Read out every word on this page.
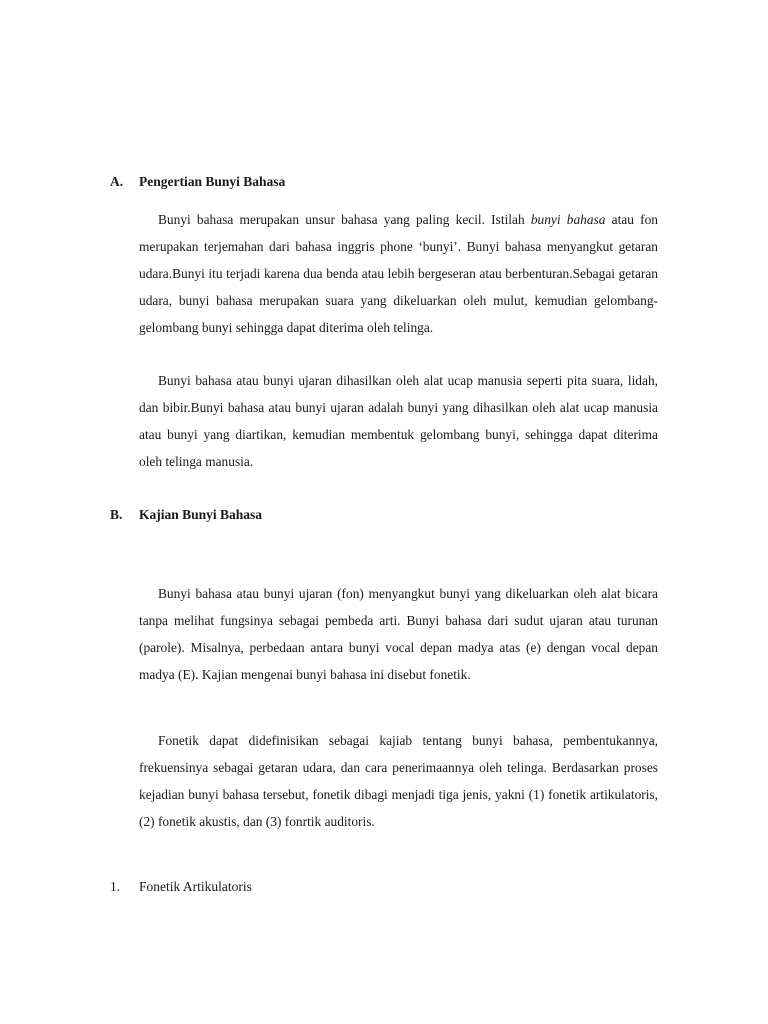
A. Pengertian Bunyi Bahasa

Bunyi bahasa merupakan unsur bahasa yang paling kecil. Istilah bunyi bahasa atau fon merupakan terjemahan dari bahasa inggris phone ‘bunyi’. Bunyi bahasa menyangkut getaran udara.Bunyi itu terjadi karena dua benda atau lebih bergeseran atau berbenturan.Sebagai getaran udara, bunyi bahasa merupakan suara yang dikeluarkan oleh mulut, kemudian gelombang-gelombang bunyi sehingga dapat diterima oleh telinga.

Bunyi bahasa atau bunyi ujaran dihasilkan oleh alat ucap manusia seperti pita suara, lidah, dan bibir.Bunyi bahasa atau bunyi ujaran adalah bunyi yang dihasilkan oleh alat ucap manusia atau bunyi yang diartikan, kemudian membentuk gelombang bunyi, sehingga dapat diterima oleh telinga manusia.

B. Kajian Bunyi Bahasa

Bunyi bahasa atau bunyi ujaran (fon) menyangkut bunyi yang dikeluarkan oleh alat bicara tanpa melihat fungsinya sebagai pembeda arti. Bunyi bahasa dari sudut ujaran atau turunan (parole). Misalnya, perbedaan antara bunyi vocal depan madya atas (e) dengan vocal depan madya (E). Kajian mengenai bunyi bahasa ini disebut fonetik.

Fonetik dapat didefinisikan sebagai kajiab tentang bunyi bahasa, pembentukannya, frekuensinya sebagai getaran udara, dan cara penerimaannya oleh telinga. Berdasarkan proses kejadian bunyi bahasa tersebut, fonetik dibagi menjadi tiga jenis, yakni (1) fonetik artikulatoris, (2) fonetik akustis, dan (3) fonrtik auditoris.

1. Fonetik Artikulatoris
